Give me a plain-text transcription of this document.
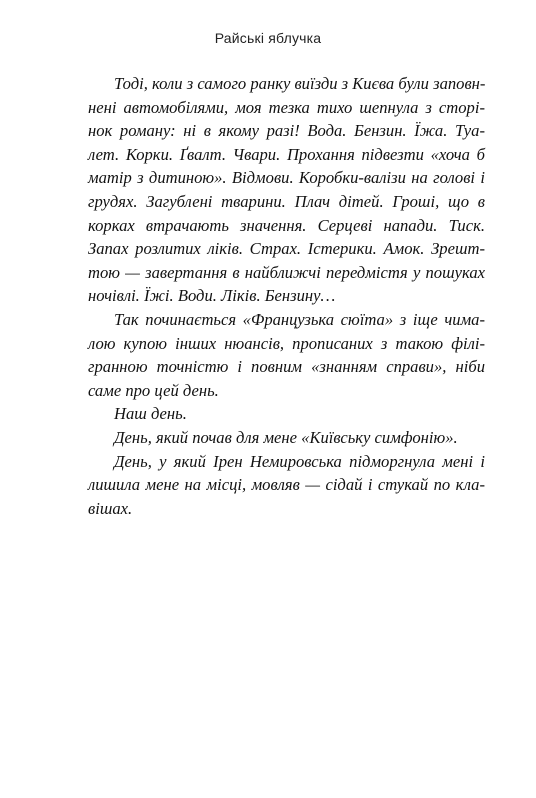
Райські яблучка
Тоді, коли з самого ранку виїзди з Києва були заповн-
нені автомобілями, моя тезка тихо шепнула з сторі-
нок роману: ні в якому разі! Вода. Бензин. Їжа. Туа-
лет. Корки. Ґвалт. Чвари. Прохання підвезти «хоча б
матір з дитиною». Відмови. Коробки-валізи на голові і
грудях. Загублені тварини. Плач дітей. Гроші, що в
корках втрачають значення. Серцеві напади. Тиск.
Запах розлитих ліків. Страх. Істерики. Амок. Зрешт-
тою — завертання в найближчі передмістя у пошуках
ночівлі. Їжі. Води. Ліків. Бензину…
Так починається «Французька сюїта» з іще чима-
лою купою інших нюансів, прописаних з такою філі-
гранною точністю і повним «знанням справи», ніби
саме про цей день.
Наш день.
День, який почав для мене «Київську симфонію».
День, у який Ірен Немировська підморгнула мені і
лишила мене на місці, мовляв — сідай і стукай по кла-
вішах.
